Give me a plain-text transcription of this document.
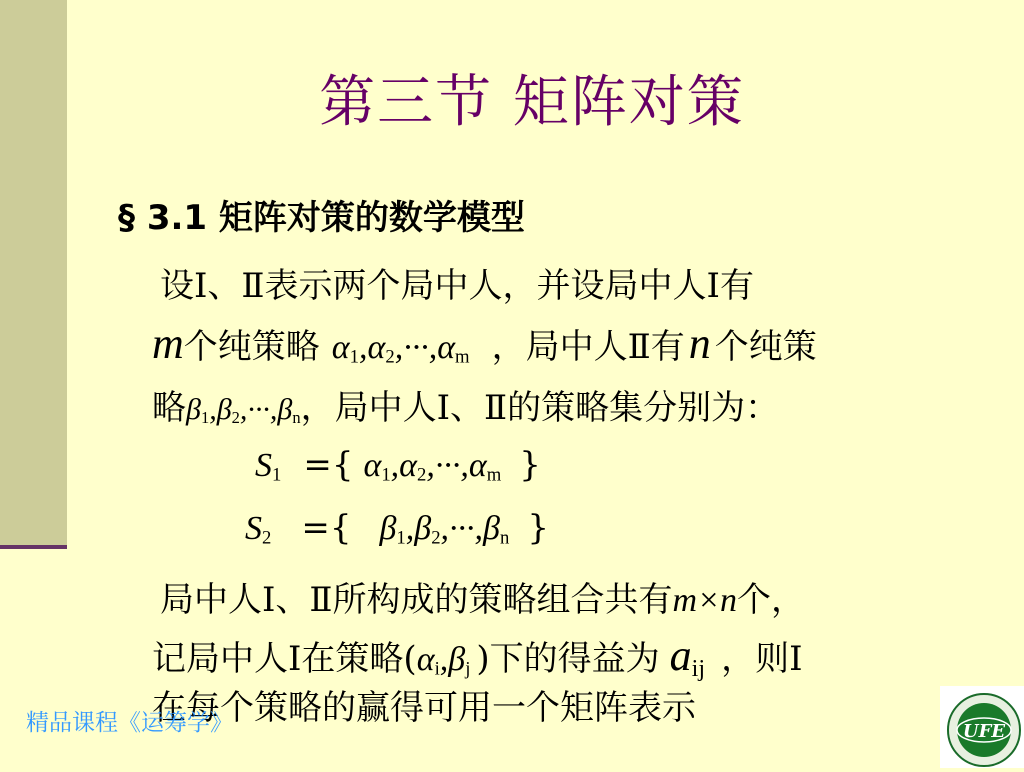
第三节 矩阵对策
§ 3.1 矩阵对策的数学模型
设Ⅰ、Ⅱ表示两个局中人，并设局中人Ⅰ有
m个纯策略 $\alpha_1,\alpha_2,\cdot\cdot\cdot,\alpha_m$ ，局中人Ⅱ有n 个纯策
略$\beta_1,\beta_2,\cdot\cdot\cdot,\beta_n$，局中人Ⅰ、Ⅱ的策略集分别为：
$S_1$ ={ $\alpha_1,\alpha_2,\cdot\cdot\cdot,\alpha_m$ }
$S_2$ ={ $\beta_1,\beta_2,\cdot\cdot\cdot,\beta_n$ }
局中人Ⅰ、Ⅱ所构成的策略组合共有m×n个，
记局中人Ⅰ在策略($\alpha_i,\beta_j$ )下的得益为 $a_{ij}$ ，则Ⅰ
在每个策略的赢得可用一个矩阵表示
精品课程《运筹学》	UFE
